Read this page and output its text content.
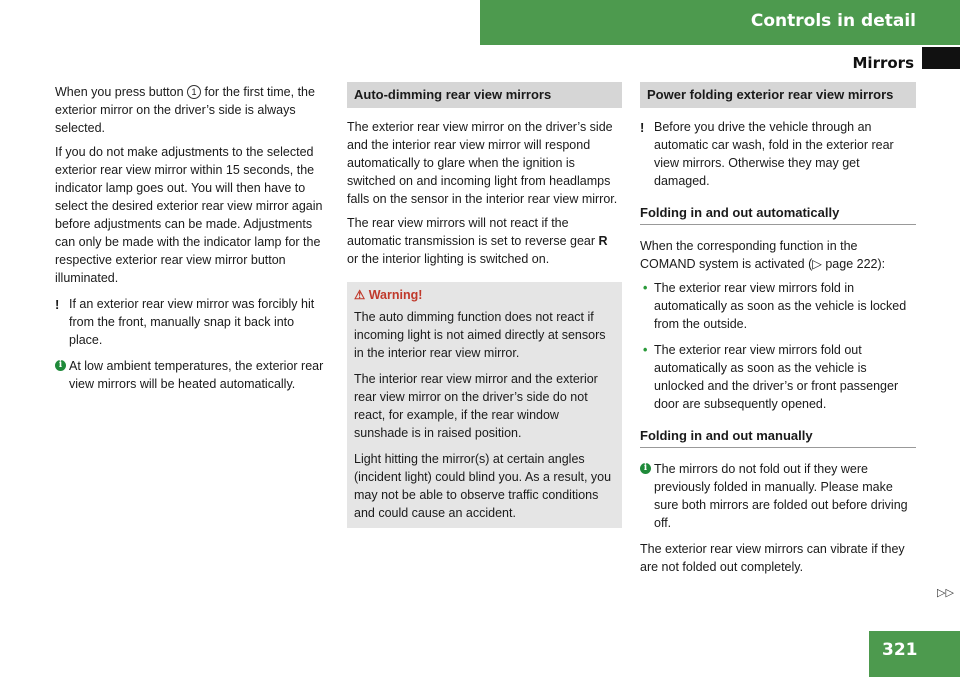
Controls in detail
Mirrors

When you press button 1 for the first time, the exterior mirror on the driver’s side is always selected.

If you do not make adjustments to the selected exterior rear view mirror within 15 seconds, the indicator lamp goes out. You will then have to select the desired exterior rear view mirror again before adjustments can be made. Adjustments can only be made with the indicator lamp for the respective exterior rear view mirror button illuminated.

! If an exterior rear view mirror was forcibly hit from the front, manually snap it back into place.
i At low ambient temperatures, the exterior rear view mirrors will be heated automatically.
Auto-dimming rear view mirrors

The exterior rear view mirror on the driver’s side and the interior rear view mirror will respond automatically to glare when the ignition is switched on and incoming light from headlamps falls on the sensor in the interior rear view mirror.

The rear view mirrors will not react if the automatic transmission is set to reverse gear R or the interior lighting is switched on.

⚠ Warning!

The auto dimming function does not react if incoming light is not aimed directly at sensors in the interior rear view mirror.

The interior rear view mirror and the exterior rear view mirror on the driver’s side do not react, for example, if the rear window sunshade is in raised position.

Light hitting the mirror(s) at certain angles (incident light) could blind you. As a result, you may not be able to observe traffic conditions and could cause an accident.

Power folding exterior rear view mirrors
! Before you drive the vehicle through an automatic car wash, fold in the exterior rear view mirrors. Otherwise they may get damaged.
Folding in and out automatically

When the corresponding function in the COMAND system is activated (▷ page 222):

• The exterior rear view mirrors fold in automatically as soon as the vehicle is locked from the outside.
• The exterior rear view mirrors fold out automatically as soon as the vehicle is unlocked and the driver’s or front passenger door are subsequently opened.
Folding in and out manually
i The mirrors do not fold out if they were previously folded in manually. Please make sure both mirrors are folded out before driving off.

The exterior rear view mirrors can vibrate if they are not folded out completely.

▷▷
321
